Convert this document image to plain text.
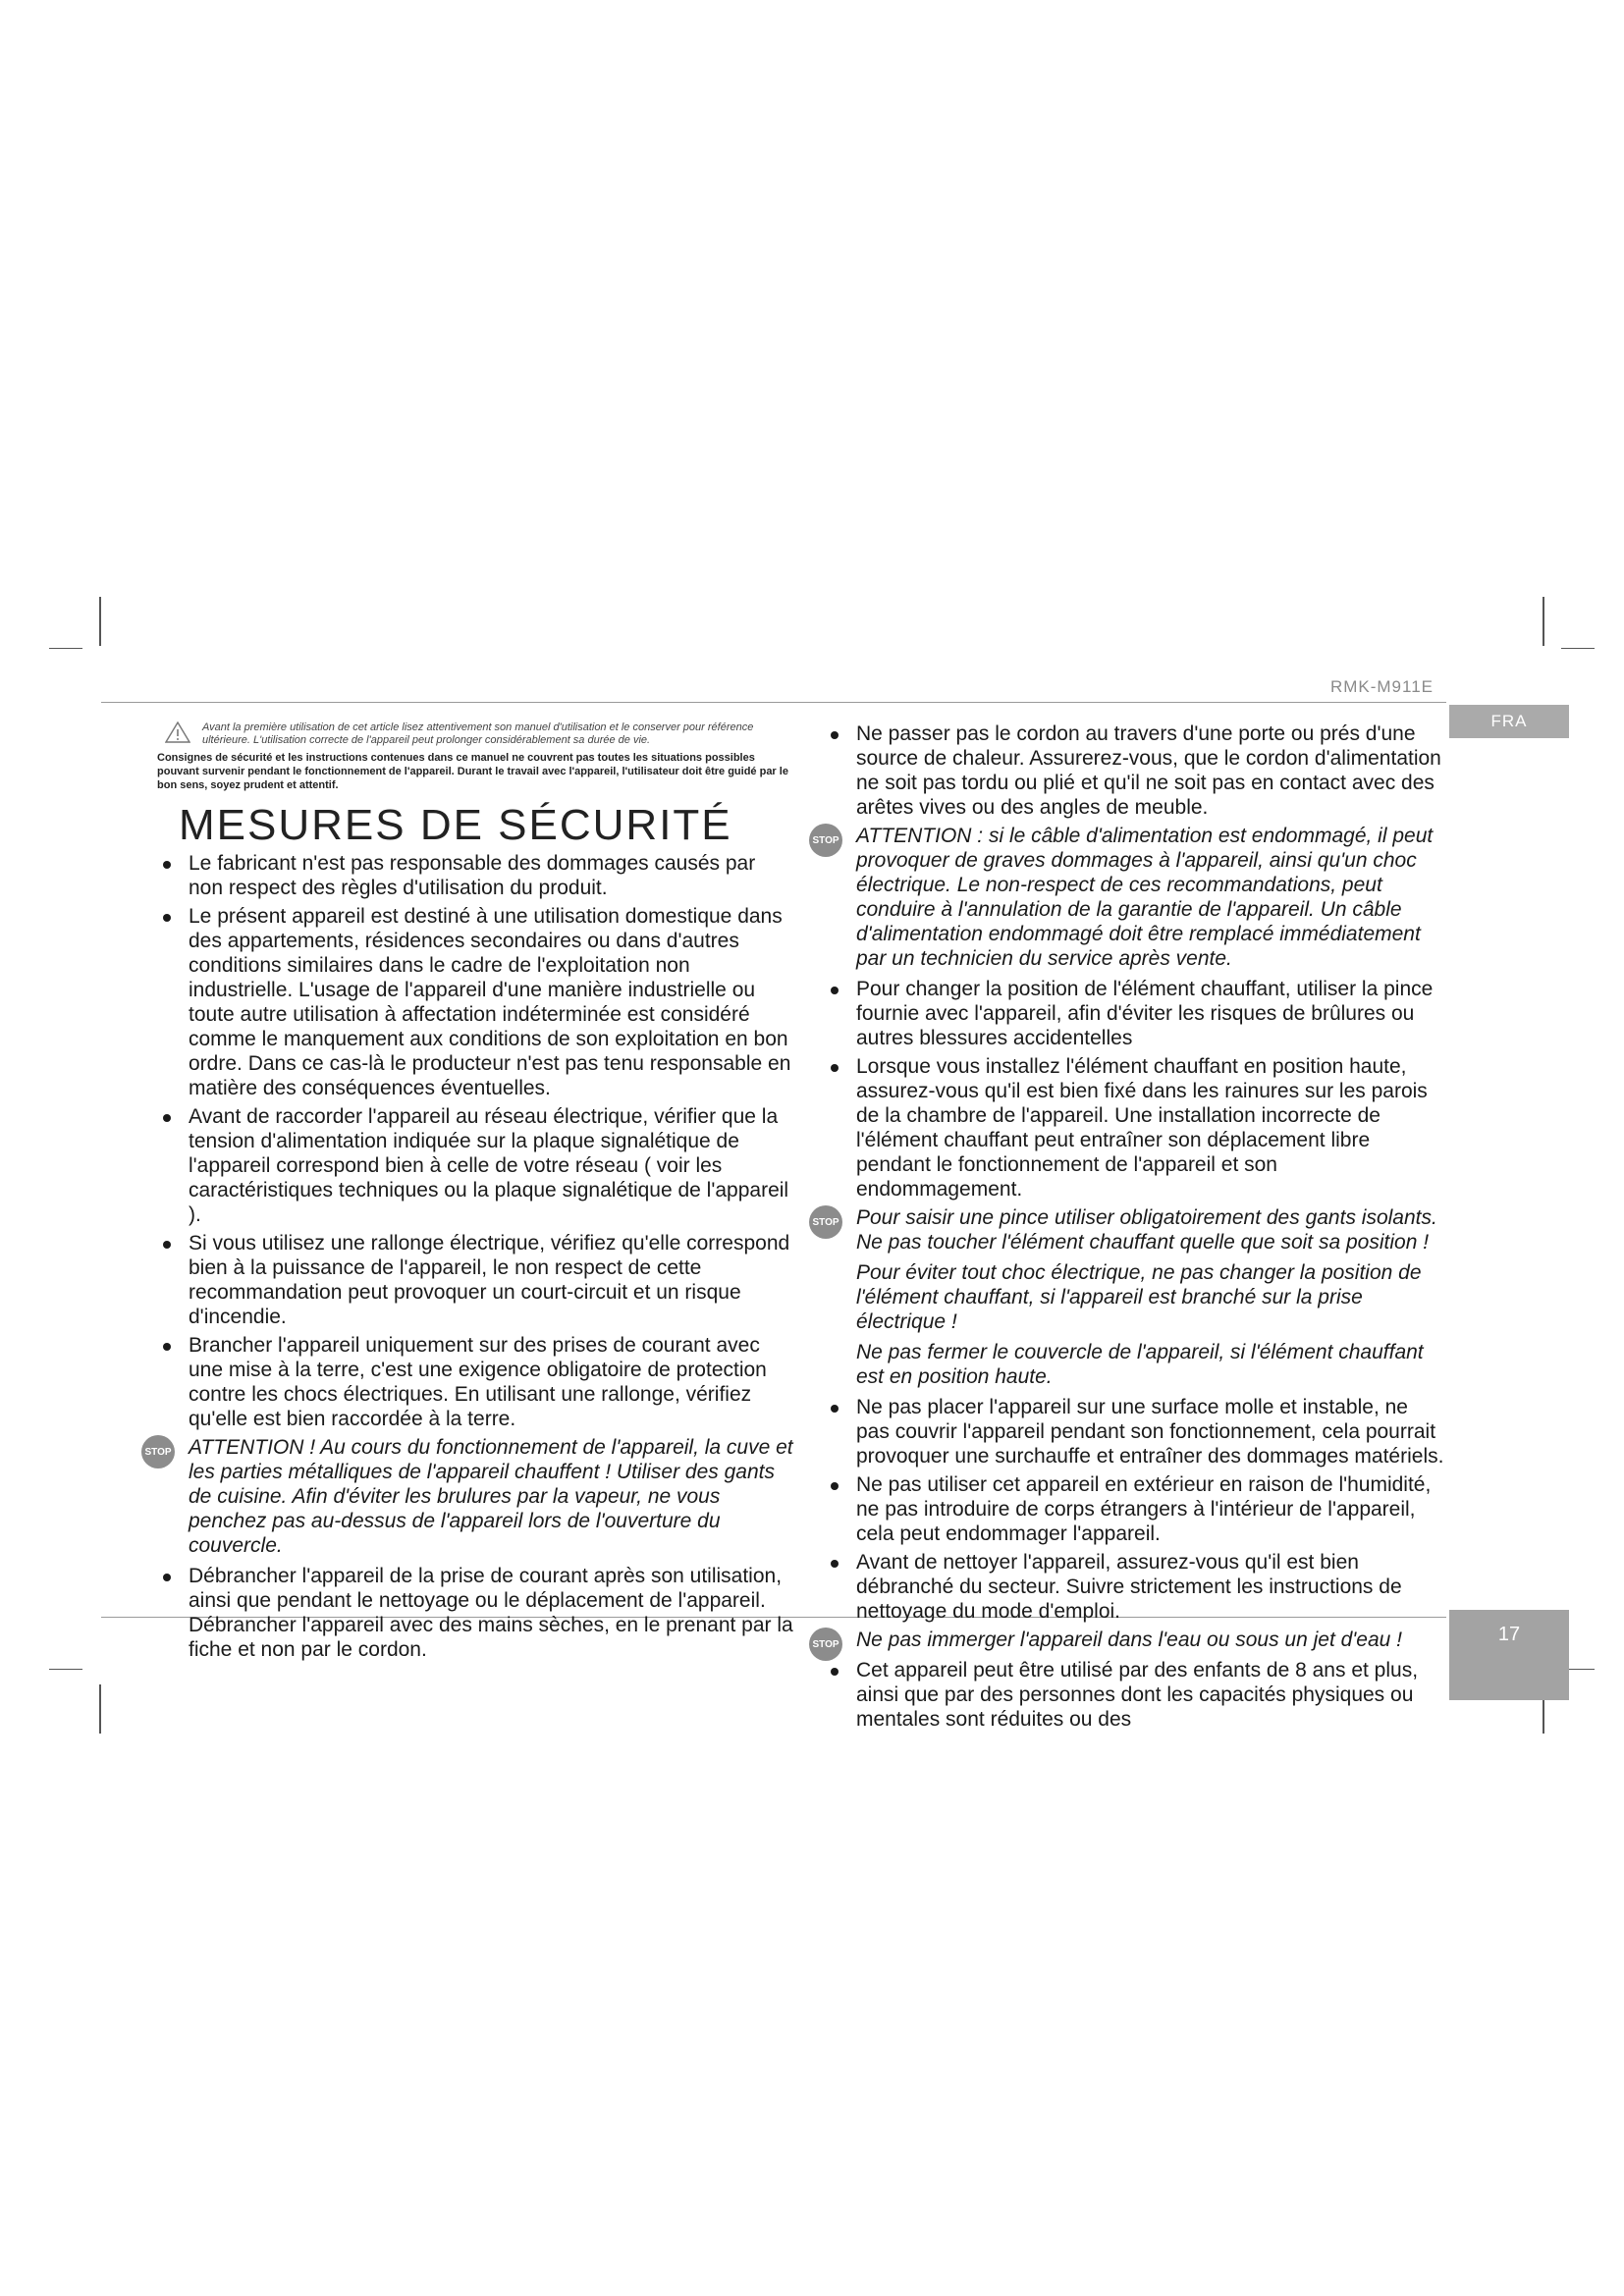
RMK-M911E
FRA
17
Avant la première utilisation de cet article lisez attentivement son manuel d'utilisation et le conserver pour référence ultérieure. L'utilisation correcte de l'appareil peut prolonger considérablement sa durée de vie.
Consignes de sécurité et les instructions contenues dans ce manuel ne couvrent pas toutes les situations possibles pouvant survenir pendant le fonctionnement de l'appareil. Durant le travail avec l'appareil, l'utilisateur doit être guidé par le bon sens, soyez prudent et attentif.
MESURES DE SÉCURITÉ
Le fabricant n'est pas responsable des dommages causés par non respect des règles d'utilisation du produit.
Le présent appareil est destiné à une utilisation domestique dans des appartements, résidences secondaires ou dans d'autres conditions similaires dans le cadre de l'exploitation non industrielle. L'usage de l'appareil d'une manière industrielle ou toute autre utilisation à affectation indéterminée est considéré comme le manquement aux conditions de son exploitation en bon ordre. Dans ce cas-là le producteur n'est pas tenu responsable en matière des conséquences éventuelles.
Avant de raccorder l'appareil au réseau électrique, vérifier que la tension d'alimentation indiquée sur la plaque signalétique de l'appareil correspond bien à celle de votre réseau ( voir les caractéristiques techniques ou la plaque signalétique de l'appareil ).
Si vous utilisez une rallonge électrique, vérifiez qu'elle correspond bien à la puissance de l'appareil, le non respect de cette recommandation peut provoquer un court-circuit et un risque d'incendie.
Brancher l'appareil uniquement sur des prises de courant avec une mise à la terre, c'est une exigence obligatoire de protection contre les chocs électriques. En utilisant une rallonge, vérifiez qu'elle est bien raccordée à la terre.
STOP ATTENTION ! Au cours du fonctionnement de l'appareil, la cuve et les parties métalliques de l'appareil chauffent ! Utiliser des gants de cuisine. Afin d'éviter les brulures par la vapeur, ne vous penchez pas au-dessus de l'appareil lors de l'ouverture du couvercle.

Débrancher l'appareil de la prise de courant après son utilisation, ainsi que pendant le nettoyage ou le déplacement de l'appareil. Débrancher l'appareil avec des mains sèches, en le prenant par la fiche et non par le cordon.
Ne passer pas le cordon au travers d'une porte ou prés d'une source de chaleur. Assurerez-vous, que le cordon d'alimentation ne soit pas tordu ou plié et qu'il ne soit pas en contact avec des arêtes vives ou des angles de meuble.
STOP ATTENTION : si le câble d'alimentation est endommagé, il peut provoquer de graves dommages à l'appareil, ainsi qu'un choc électrique. Le non-respect de ces recommandations, peut conduire à l'annulation de la garantie de l'appareil. Un câble d'alimentation endommagé doit être remplacé immédiatement par un technicien du service après vente.

Pour changer la position de l'élément chauffant, utiliser la pince fournie avec l'appareil, afin d'éviter les risques de brûlures ou autres blessures accidentelles
Lorsque vous installez l'élément chauffant en position haute, assurez-vous qu'il est bien fixé dans les rainures sur les parois de la chambre de l'appareil. Une installation incorrecte de l'élément chauffant peut entraîner son déplacement libre pendant le fonctionnement de l'appareil et son endommagement.
STOP Pour saisir une pince utiliser obligatoirement des gants isolants. Ne pas toucher l'élément chauffant quelle que soit sa position !

Pour éviter tout choc électrique, ne pas changer la position de l'élément chauffant, si l'appareil est branché sur la prise électrique !

Ne pas fermer le couvercle de l'appareil, si l'élément chauffant est en position haute.

Ne pas placer l'appareil sur une surface molle et instable, ne pas couvrir l'appareil pendant son fonctionnement, cela pourrait provoquer une surchauffe et entraîner des dommages matériels.
Ne pas utiliser cet appareil en extérieur en raison de l'humidité, ne pas introduire de corps étrangers à l'intérieur de l'appareil, cela peut endommager l'appareil.
Avant de nettoyer l'appareil, assurez-vous qu'il est bien débranché du secteur. Suivre strictement les instructions de nettoyage du mode d'emploi.
STOP Ne pas immerger l'appareil dans l'eau ou sous un jet d'eau !

Cet appareil peut être utilisé par des enfants de 8 ans et plus, ainsi que par des personnes dont les capacités physiques ou mentales sont réduites ou des
